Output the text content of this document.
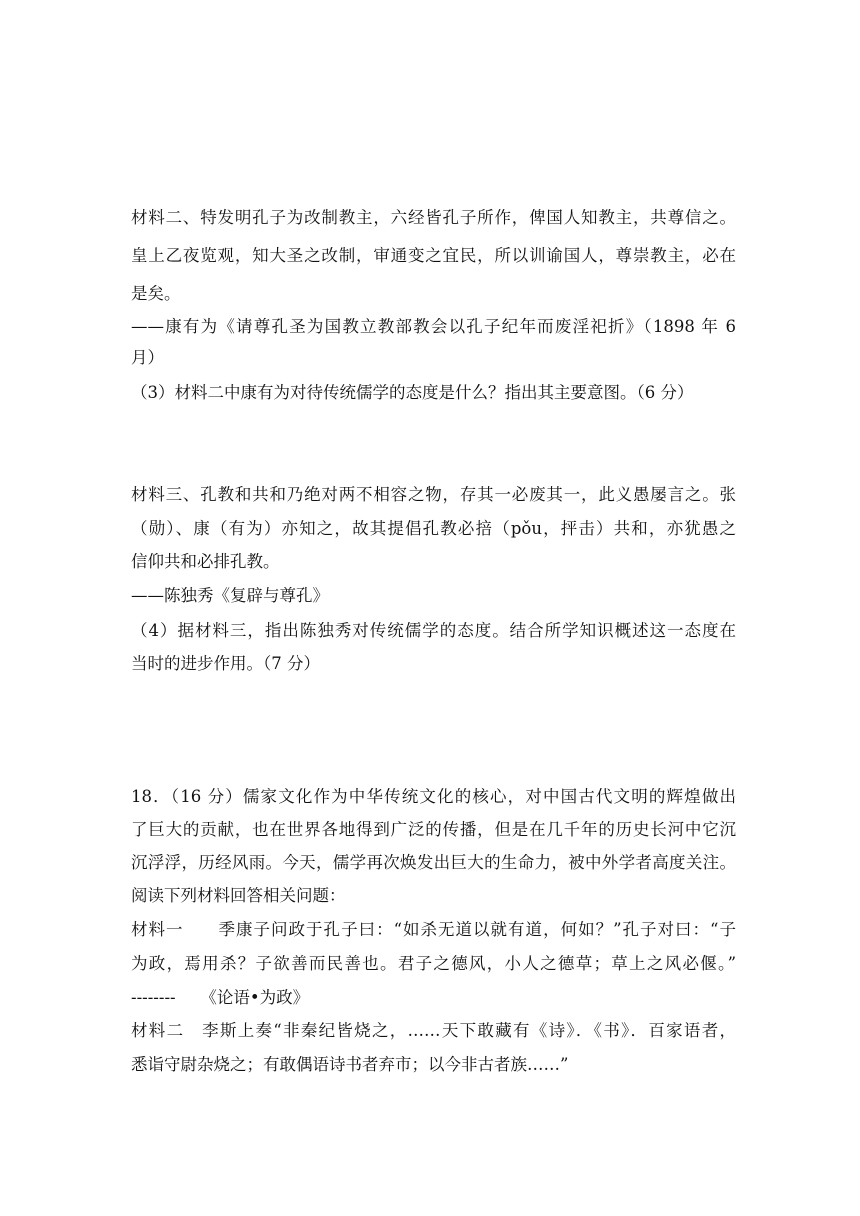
材料二、特发明孔子为改制教主，六经皆孔子所作，俾国人知教主，共尊信之。
皇上乙夜览观，知大圣之改制，审通变之宜民，所以训谕国人，尊崇教主，必在
是矣。
——康有为《请尊孔圣为国教立教部教会以孔子纪年而废淫祀折》（1898 年 6
月）
（3）材料二中康有为对待传统儒学的态度是什么？指出其主要意图。（6 分）
材料三、孔教和共和乃绝对两不相容之物，存其一必废其一，此义愚屡言之。张
（勋）、康（有为）亦知之，故其提倡孔教必掊（pǒu，抨击）共和，亦犹愚之
信仰共和必排孔教。
——陈独秀《复辟与尊孔》
（4）据材料三，指出陈独秀对传统儒学的态度。结合所学知识概述这一态度在
当时的进步作用。（7 分）
18．（16 分）儒家文化作为中华传统文化的核心，对中国古代文明的辉煌做出
了巨大的贡献，也在世界各地得到广泛的传播，但是在几千年的历史长河中它沉
沉浮浮，历经风雨。今天，儒学再次焕发出巨大的生命力，被中外学者高度关注。
阅读下列材料回答相关问题：
材料一　　季康子问政于孔子曰：“如杀无道以就有道，何如？”孔子对曰：“子
为政，焉用杀？子欲善而民善也。君子之德风，小人之德草；草上之风必偃。”
--------　　《论语•为政》
材料二　李斯上奏“非秦纪皆烧之，……天下敢藏有《诗》．《书》．百家语者，
悉诣守尉杂烧之；有敢偶语诗书者弃市；以今非古者族……”
